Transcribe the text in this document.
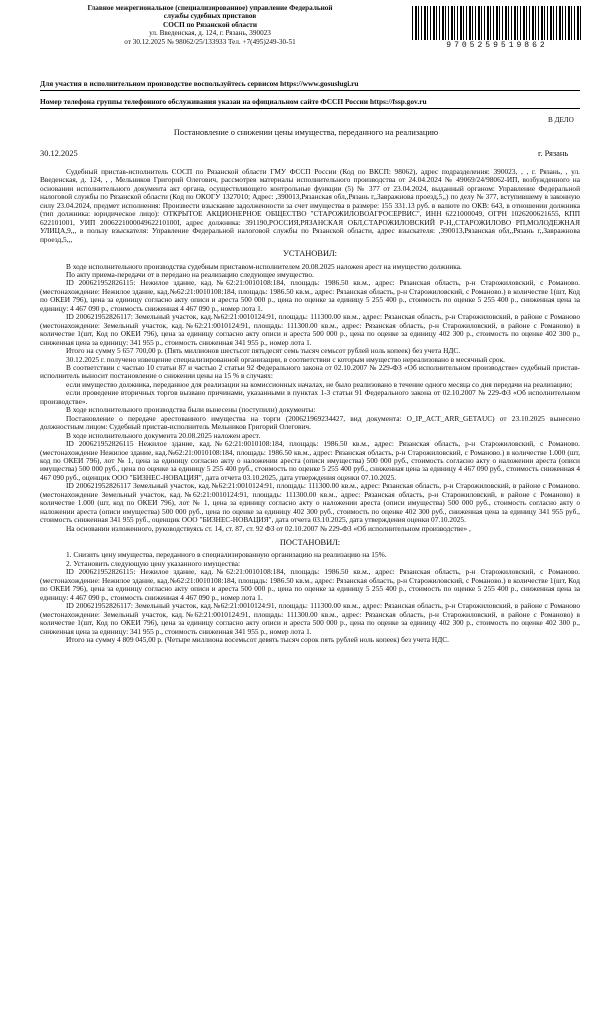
Главное межрегиональное (специализированное) управление Федеральной
службы судебных приставов
СОСП по Рязанской области
ул. Введенская, д. 124, г. Рязань, 390023
от 30.12.2025 № 98062/25/133933 Тел. +7(495)249-30-51	9705259519862
Для участия в исполнительном производстве воспользуйтесь сервисом https://www.gosuslugi.ru
Номер телефона группы телефонного обслуживания указан на официальном сайте ФССП России https://fssp.gov.ru
В ДЕЛО
Постановление о снижении цены имущества, переданного на реализацию
30.12.2025	г. Рязань

Судебный пристав-исполнитель СОСП по Рязанской области ГМУ ФССП России (Код по ВКСП: 98062), адрес подразделения: 390023, , , г. Рязань, , ул. Введенская, д. 124, , , Мельников Григорий Олегович, рассмотрев материалы исполнительного производства от 24.04.2024 № 49069/24/98062-ИП, возбужденного на основании исполнительного документа акт органа, осуществляющего контрольные функции (5) № 377 от 23.04.2024, выданный органом: Управление Федеральной налоговой службы по Рязанской области (Код по ОКОГУ 1327010; Адрес: ,390013,Рязанская обл,,Рязань г,,Завражнова проезд,5,,) по делу № 377, вступившему в законную силу 23.04.2024, предмет исполнения: Произвести взыскание задолженности за счет имущества в размере: 155 331.13 руб. в валюте по ОКВ: 643, в отношении должника (тип должника: юридическое лицо): ОТКРЫТОЕ АКЦИОНЕРНОЕ ОБЩЕСТВО "СТАРОЖИЛОВОАГРОСЕРВИС", ИНН 6221000049, ОГРН 1026200621655, КПП 622101001, УИП 200622100004962210100I, адрес должника: 391190,РОССИЯ,РЯЗАНСКАЯ ОБЛ,СТАРОЖИЛОВСКИЙ Р-Н,,СТАРОЖИЛОВО РП,МОЛОДЕЖНАЯ УЛИЦА,9,,, в пользу взыскателя: Управление Федеральной налоговой службы по Рязанской области, адрес взыскателя: ,390013,Рязанская обл,,Рязань г,,Завражнова проезд,5,,,

УСТАНОВИЛ:

В ходе исполнительного производства судебным приставом-исполнителем 20.08.2025 наложен арест на имущество должника.

По акту приема-передачи от в передано на реализацию следующее имущество.

ID 200621952826115: Нежилое здание, кад.№62:21:0010108:184, площадь: 1986.50 кв.м., адрес: Рязанская область, р-н Старожиловский, с Романово. (местонахождение: Нежилое здание, кад.№62:21:0010108:184, площадь: 1986.50 кв.м., адрес: Рязанская область, р-н Старожиловский, с Романово.) в количестве 1(шт, Код по ОКЕИ 796), цена за единицу согласно акту описи и ареста 500 000 р., цена по оценке за единицу 5 255 400 р., стоимость по оценке 5 255 400 р., сниженная цена за единицу: 4 467 090 р., стоимость сниженная 4 467 090 р., номер лота 1.

ID 200621952826117: Земельный участок, кад.№62:21:0010124:91, площадь: 111300.00 кв.м., адрес: Рязанская область, р-н Старожиловский, в районе с Романово (местонахождение: Земельный участок, кад.№62:21:0010124:91, площадь: 111300.00 кв.м., адрес: Рязанская область, р-н Старожиловский, в районе с Романово) в количестве 1(шт, Код по ОКЕИ 796), цена за единицу согласно акту описи и ареста 500 000 р., цена по оценке за единицу 402 300 р., стоимость по оценке 402 300 р., сниженная цена за единицу: 341 955 р., стоимость сниженная 341 955 р., номер лота 1.

Итого на сумму 5 657 700,00 р. (Пять миллионов шестьсот пятьдесят семь тысяч семьсот рублей ноль копеек) без учета НДС.

30.12.2025 г. получено извещение специализированной организации, в соответствии с которым имущество нереализовано в месячный срок.

В соответствии с частью 10 статьи 87 и частью 2 статьи 92 Федерального закона от 02.10.2007 № 229-ФЗ «Об исполнительном производстве» судебный пристав-исполнитель выносит постановление о снижении цены на 15 % в случаях:

если имущество должника, переданное для реализации на комиссионных началах, не было реализовано в течение одного месяца со дня передачи на реализацию;

если проведение вторичных торгов вызвано причинами, указанными в пунктах 1-3 статьи 91 Федерального закона от 02.10.2007 № 229-ФЗ «Об исполнительном производстве».

В ходе исполнительного производства были вынесены (поступили) документы:

Постановление о передаче арестованного имущества на торги (200621969234427, вид документа: O_IP_ACT_ARR_GETAUC) от 23.10.2025 вынесено должностным лицом: Судебный пристав-исполнитель Мельников Григорий Олегович.

В ходе исполнительного документа 20.08.2025 наложен арест.

ID 200621952826115 Нежилое здание, кад.№62:21:0010108:184, площадь: 1986.50 кв.м., адрес: Рязанская область, р-н Старожиловский, с Романово. (местонахождение Нежилое здание, кад.№62:21:0010108:184, площадь: 1986.50 кв.м., адрес: Рязанская область, р-н Старожиловский, с Романово.) в количестве 1.000 (шт, код по ОКЕИ 796), лот № 1, цена за единицу согласно акту о наложении ареста (описи имущества) 500 000 руб., стоимость согласно акту о наложении ареста (описи имущества) 500 000 руб., цена по оценке за единицу 5 255 400 руб., стоимость по оценке 5 255 400 руб., сниженная цена за единицу 4 467 090 руб., стоимость сниженная 4 467 090 руб., оценщик ООО "БИЗНЕС-НОВАЦИЯ", дата отчета 03.10.2025, дата утверждения оценки 07.10.2025.

ID 200621952826117 Земельный участок, кад.№62:21:0010124:91, площадь: 111300.00 кв.м., адрес: Рязанская область, р-н Старожиловский, в районе с Романово. (местонахождение Земельный участок, кад.№62:21:0010124:91, площадь: 111300.00 кв.м., адрес: Рязанская область, р-н Старожиловский, в районе с Романово) в количестве 1.000 (шт, код по ОКЕИ 796), лот № 1, цена за единицу согласно акту о наложении ареста (описи имущества) 500 000 руб., стоимость согласно акту о наложении ареста (описи имущества) 500 000 руб., цена по оценке за единицу 402 300 руб., стоимость по оценке 402 300 руб., сниженная цена за единицу 341 955 руб., стоимость сниженная 341 955 руб., оценщик ООО "БИЗНЕС-НОВАЦИЯ", дата отчета 03.10.2025, дата утверждения оценки 07.10.2025.

На основании изложенного, руководствуясь ст. 14, ст. 87, ст. 92 ФЗ от 02.10.2007 № 229-ФЗ «Об исполнительном производстве» ,

ПОСТАНОВИЛ:

1. Снизить цену имущества, переданного в специализированную организацию на реализацию на 15%.

2. Установить следующую цену указанного имущества:

ID 200621952826115: Нежилое здание, кад.№62:21:0010108:184, площадь: 1986.50 кв.м., адрес: Рязанская область, р-н Старожиловский, с Романово. (местонахождение: Нежилое здание, кад.№62:21:0010108:184, площадь: 1986.50 кв.м., адрес: Рязанская область, р-н Старожиловский, с Романово.) в количестве 1(шт, Код по ОКЕИ 796), цена за единицу согласно акту описи и ареста 500 000 р., цена по оценке за единицу 5 255 400 р., стоимость по оценке 5 255 400 р., сниженная цена за единицу: 4 467 090 р., стоимость сниженная 4 467 090 р., номер лота 1.

ID 200621952826117: Земельный участок, кад.№62:21:0010124:91, площадь: 111300.00 кв.м., адрес: Рязанская область, р-н Старожиловский, в районе с Романово (местонахождение: Земельный участок, кад.№62:21:0010124:91, площадь: 111300.00 кв.м., адрес: Рязанская область, р-н Старожиловский, в районе с Романово) в количестве 1(шт, Код по ОКЕИ 796), цена за единицу согласно акту описи и ареста 500 000 р., цена по оценке за единицу 402 300 р., стоимость по оценке 402 300 р., сниженная цена за единицу: 341 955 р., стоимость сниженная 341 955 р., номер лота 1.

Итого на сумму 4 809 045,00 р. (Четыре миллиона восемьсот девять тысяч сорок пять рублей ноль копеек) без учета НДС.
